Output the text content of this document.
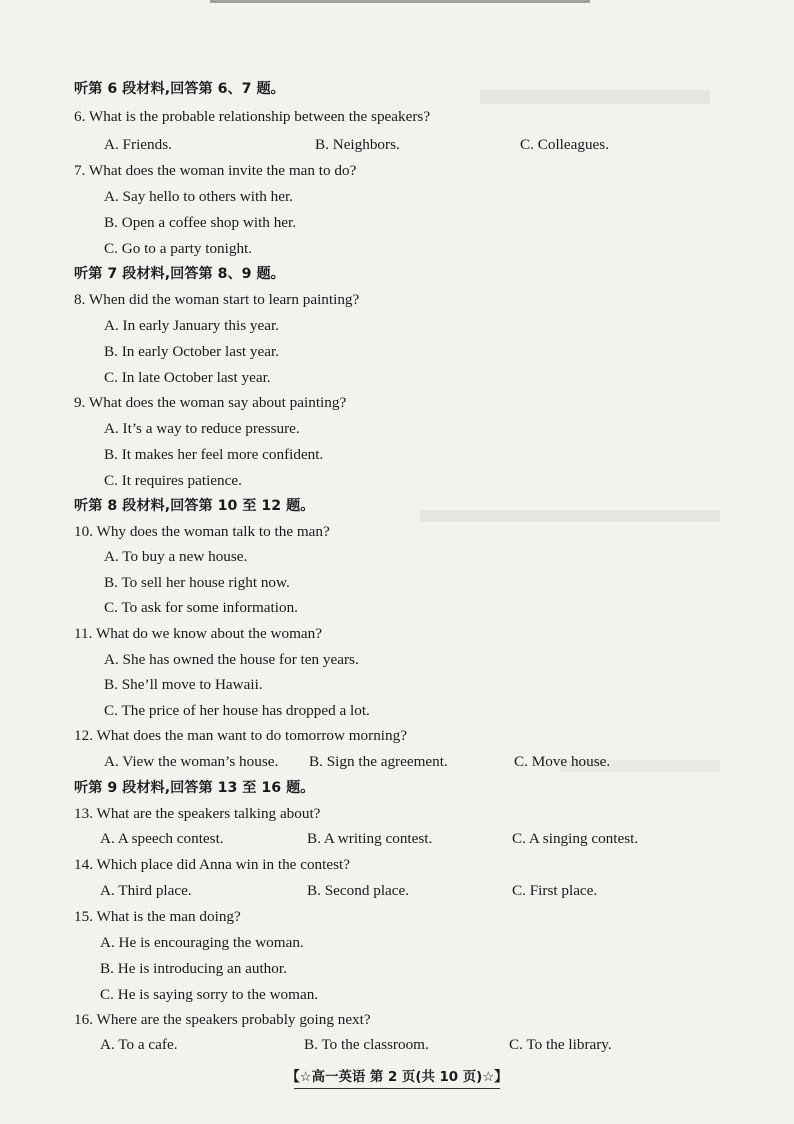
听第 6 段材料,回答第 6、7 题。
6. What is the probable relationship between the speakers?
A. Friends.	B. Neighbors.	C. Colleagues.
7. What does the woman invite the man to do?
A. Say hello to others with her.
B. Open a coffee shop with her.
C. Go to a party tonight.
听第 7 段材料,回答第 8、9 题。
8. When did the woman start to learn painting?
A. In early January this year.
B. In early October last year.
C. In late October last year.
9. What does the woman say about painting?
A. It’s a way to reduce pressure.
B. It makes her feel more confident.
C. It requires patience.
听第 8 段材料,回答第 10 至 12 题。
10. Why does the woman talk to the man?
A. To buy a new house.
B. To sell her house right now.
C. To ask for some information.
11. What do we know about the woman?
A. She has owned the house for ten years.
B. She’ll move to Hawaii.
C. The price of her house has dropped a lot.
12. What does the man want to do tomorrow morning?
A. View the woman’s house. B. Sign the agreement.	C. Move house.
听第 9 段材料,回答第 13 至 16 题。
13. What are the speakers talking about?
A. A speech contest.	B. A writing contest.	C. A singing contest.
14. Which place did Anna win in the contest?
A. Third place.	B. Second place.	C. First place.
15. What is the man doing?
A. He is encouraging the woman.
B. He is introducing an author.
C. He is saying sorry to the woman.
16. Where are the speakers probably going next?
A. To a cafe.	B. To the classroom.	C. To the library.
【☆高一英语 第 2 页(共 10 页)☆】
